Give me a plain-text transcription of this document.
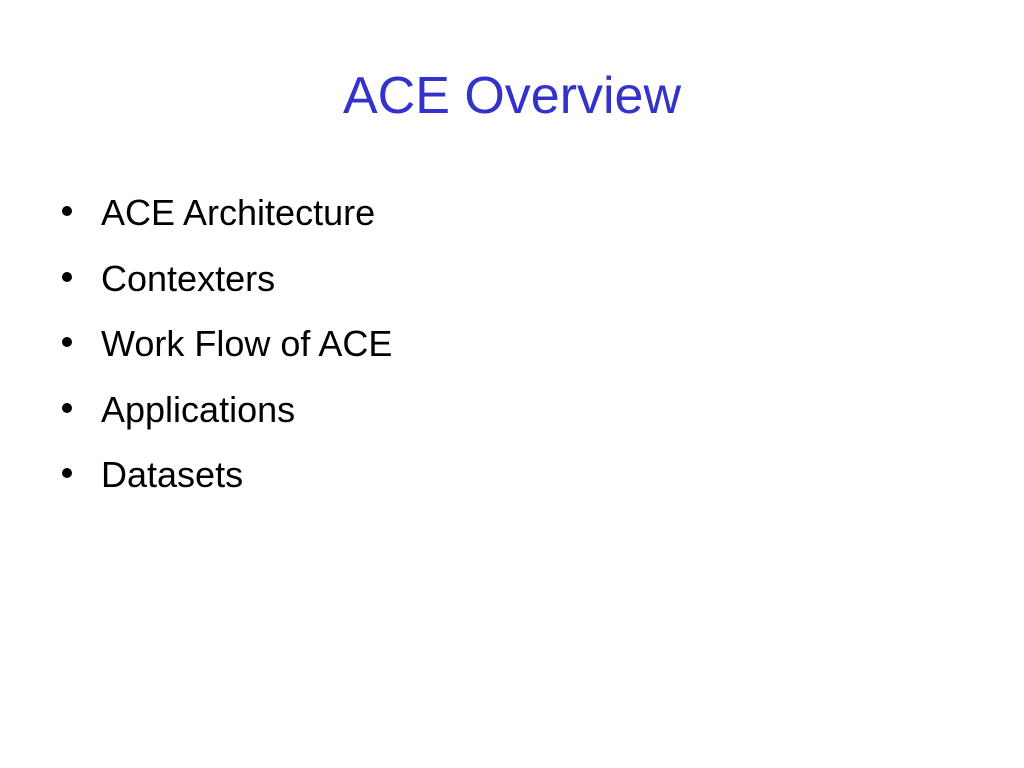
ACE Overview
ACE Architecture
Contexters
Work Flow of ACE
Applications
Datasets
